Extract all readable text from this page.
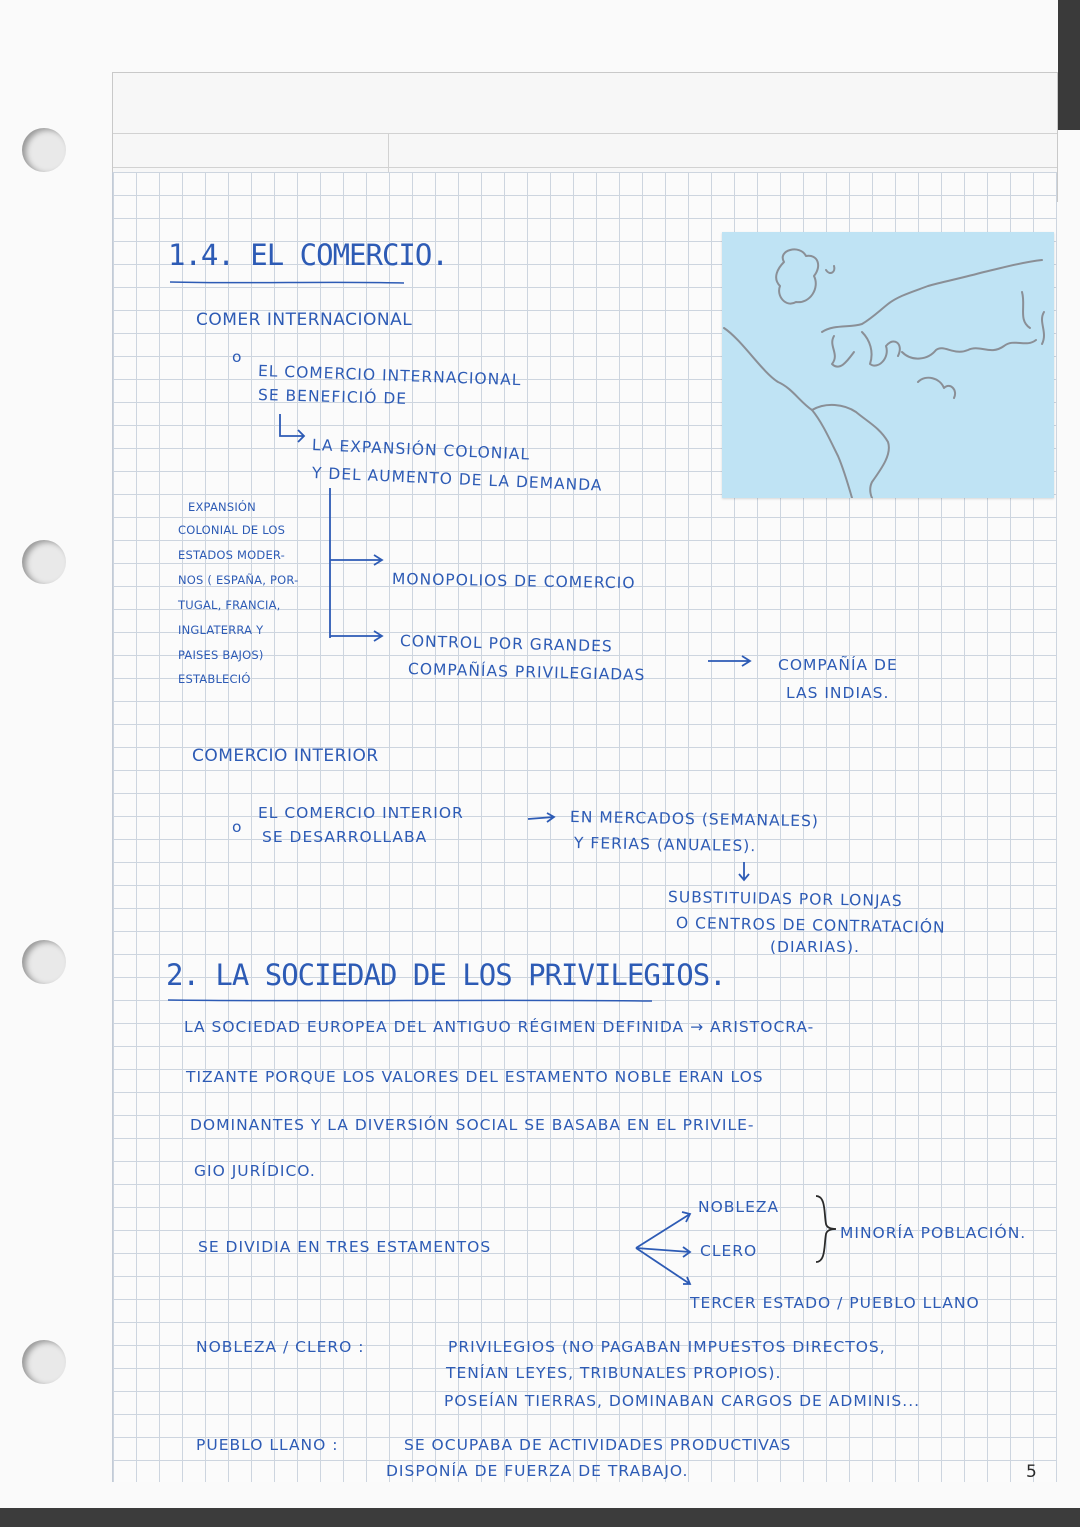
1.4. EL COMERCIO.
COMER INTERNACIONAL
o
EL COMERCIO INTERNACIONAL
SE BENEFICIÓ DE
LA EXPANSIÓN COLONIAL
Y DEL AUMENTO DE LA DEMANDA
EXPANSIÓN
COLONIAL DE LOS
ESTADOS MODER-
NOS ( ESPAÑA, POR-
TUGAL, FRANCIA,
INGLATERRA Y
PAISES BAJOS)
ESTABLECIÓ
MONOPOLIOS DE COMERCIO
CONTROL POR GRANDES
COMPAÑÍAS PRIVILEGIADAS	COMPAÑÍA DE
LAS INDIAS.
COMERCIO INTERIOR
o
EL COMERCIO INTERIOR
SE DESARROLLABA
EN MERCADOS (SEMANALES)
Y FERIAS (ANUALES).
SUBSTITUIDAS POR LONJAS
O CENTROS DE CONTRATACIÓN
(DIARIAS).
2. LA SOCIEDAD DE LOS PRIVILEGIOS.
LA SOCIEDAD EUROPEA DEL ANTIGUO RÉGIMEN DEFINIDA → ARISTOCRA-
TIZANTE PORQUE LOS VALORES DEL ESTAMENTO NOBLE ERAN LOS
DOMINANTES Y LA DIVERSIÓN SOCIAL SE BASABA EN EL PRIVILE-
GIO JURÍDICO.
NOBLEZA
SE DIVIDIA EN TRES ESTAMENTOS	CLERO
MINORÍA POBLACIÓN.
TERCER ESTADO / PUEBLO LLANO
NOBLEZA / CLERO :	PRIVILEGIOS (NO PAGABAN IMPUESTOS DIRECTOS,
TENÍAN LEYES, TRIBUNALES PROPIOS).
POSEÍAN TIERRAS, DOMINABAN CARGOS DE ADMINIS...
PUEBLO LLANO :	SE OCUPABA DE ACTIVIDADES PRODUCTIVAS
DISPONÍA DE FUERZA DE TRABAJO.	5
